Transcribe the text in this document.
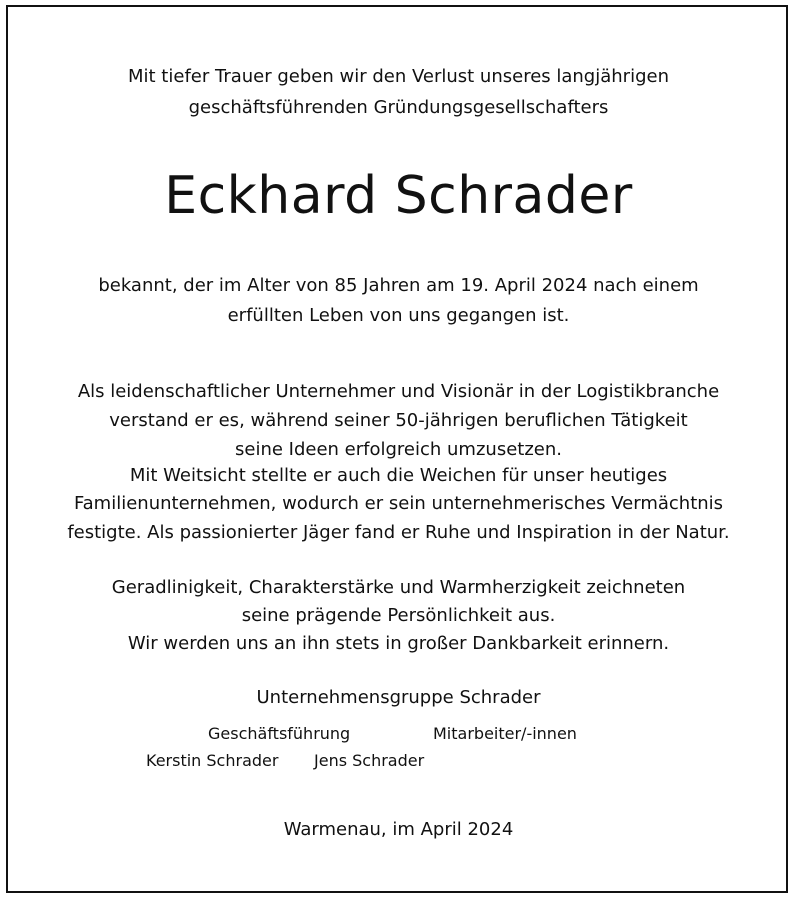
Mit tiefer Trauer geben wir den Verlust unseres langjährigen
geschäftsführenden Gründungsgesellschafters
Eckhard Schrader
bekannt, der im Alter von 85 Jahren am 19. April 2024 nach einem
erfüllten Leben von uns gegangen ist.
Als leidenschaftlicher Unternehmer und Visionär in der Logistikbranche
verstand er es, während seiner 50-jährigen beruflichen Tätigkeit
seine Ideen erfolgreich umzusetzen.
Mit Weitsicht stellte er auch die Weichen für unser heutiges
Familienunternehmen, wodurch er sein unternehmerisches Vermächtnis
festigte. Als passionierter Jäger fand er Ruhe und Inspiration in der Natur.
Geradlinigkeit, Charakterstärke und Warmherzigkeit zeichneten
seine prägende Persönlichkeit aus.
Wir werden uns an ihn stets in großer Dankbarkeit erinnern.
Unternehmensgruppe Schrader
Geschäftsführung	Mitarbeiter/-innen
Kerstin Schrader Jens Schrader
Warmenau, im April 2024
